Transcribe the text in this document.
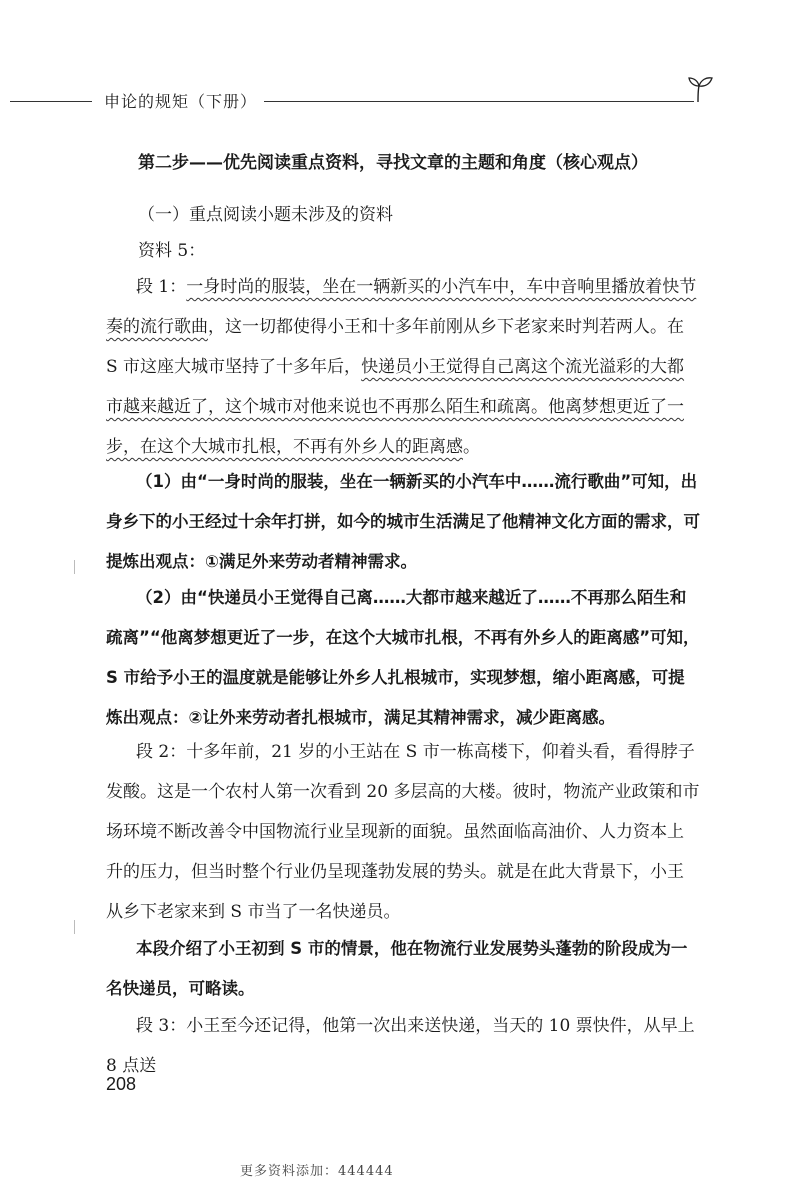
申论的规矩（下册）
第二步——优先阅读重点资料，寻找文章的主题和角度（核心观点）
（一）重点阅读小题未涉及的资料
资料 5：
段 1：一身时尚的服装，坐在一辆新买的小汽车中，车中音响里播放着快节奏的流行歌曲，这一切都使得小王和十多年前刚从乡下老家来时判若两人。在 S 市这座大城市坚持了十多年后，快递员小王觉得自己离这个流光溢彩的大都市越来越近了，这个城市对他来说也不再那么陌生和疏离。他离梦想更近了一步，在这个大城市扎根，不再有外乡人的距离感。
（1）由“一身时尚的服装，坐在一辆新买的小汽车中……流行歌曲”可知，出身乡下的小王经过十余年打拼，如今的城市生活满足了他精神文化方面的需求，可提炼出观点：①满足外来劳动者精神需求。
（2）由“快递员小王觉得自己离……大都市越来越近了……不再那么陌生和疏离”“他离梦想更近了一步，在这个大城市扎根，不再有外乡人的距离感”可知，S 市给予小王的温度就是能够让外乡人扎根城市，实现梦想，缩小距离感，可提炼出观点：②让外来劳动者扎根城市，满足其精神需求，减少距离感。
段 2：十多年前，21 岁的小王站在 S 市一栋高楼下，仰着头看，看得脖子发酸。这是一个农村人第一次看到 20 多层高的大楼。彼时，物流产业政策和市场环境不断改善令中国物流行业呈现新的面貌。虽然面临高油价、人力资本上升的压力，但当时整个行业仍呈现蓬勃发展的势头。就是在此大背景下，小王从乡下老家来到 S 市当了一名快递员。
本段介绍了小王初到 S 市的情景，他在物流行业发展势头蓬勃的阶段成为一名快递员，可略读。
段 3：小王至今还记得，他第一次出来送快递，当天的 10 票快件，从早上 8 点送
208
更多资料添加：444444
